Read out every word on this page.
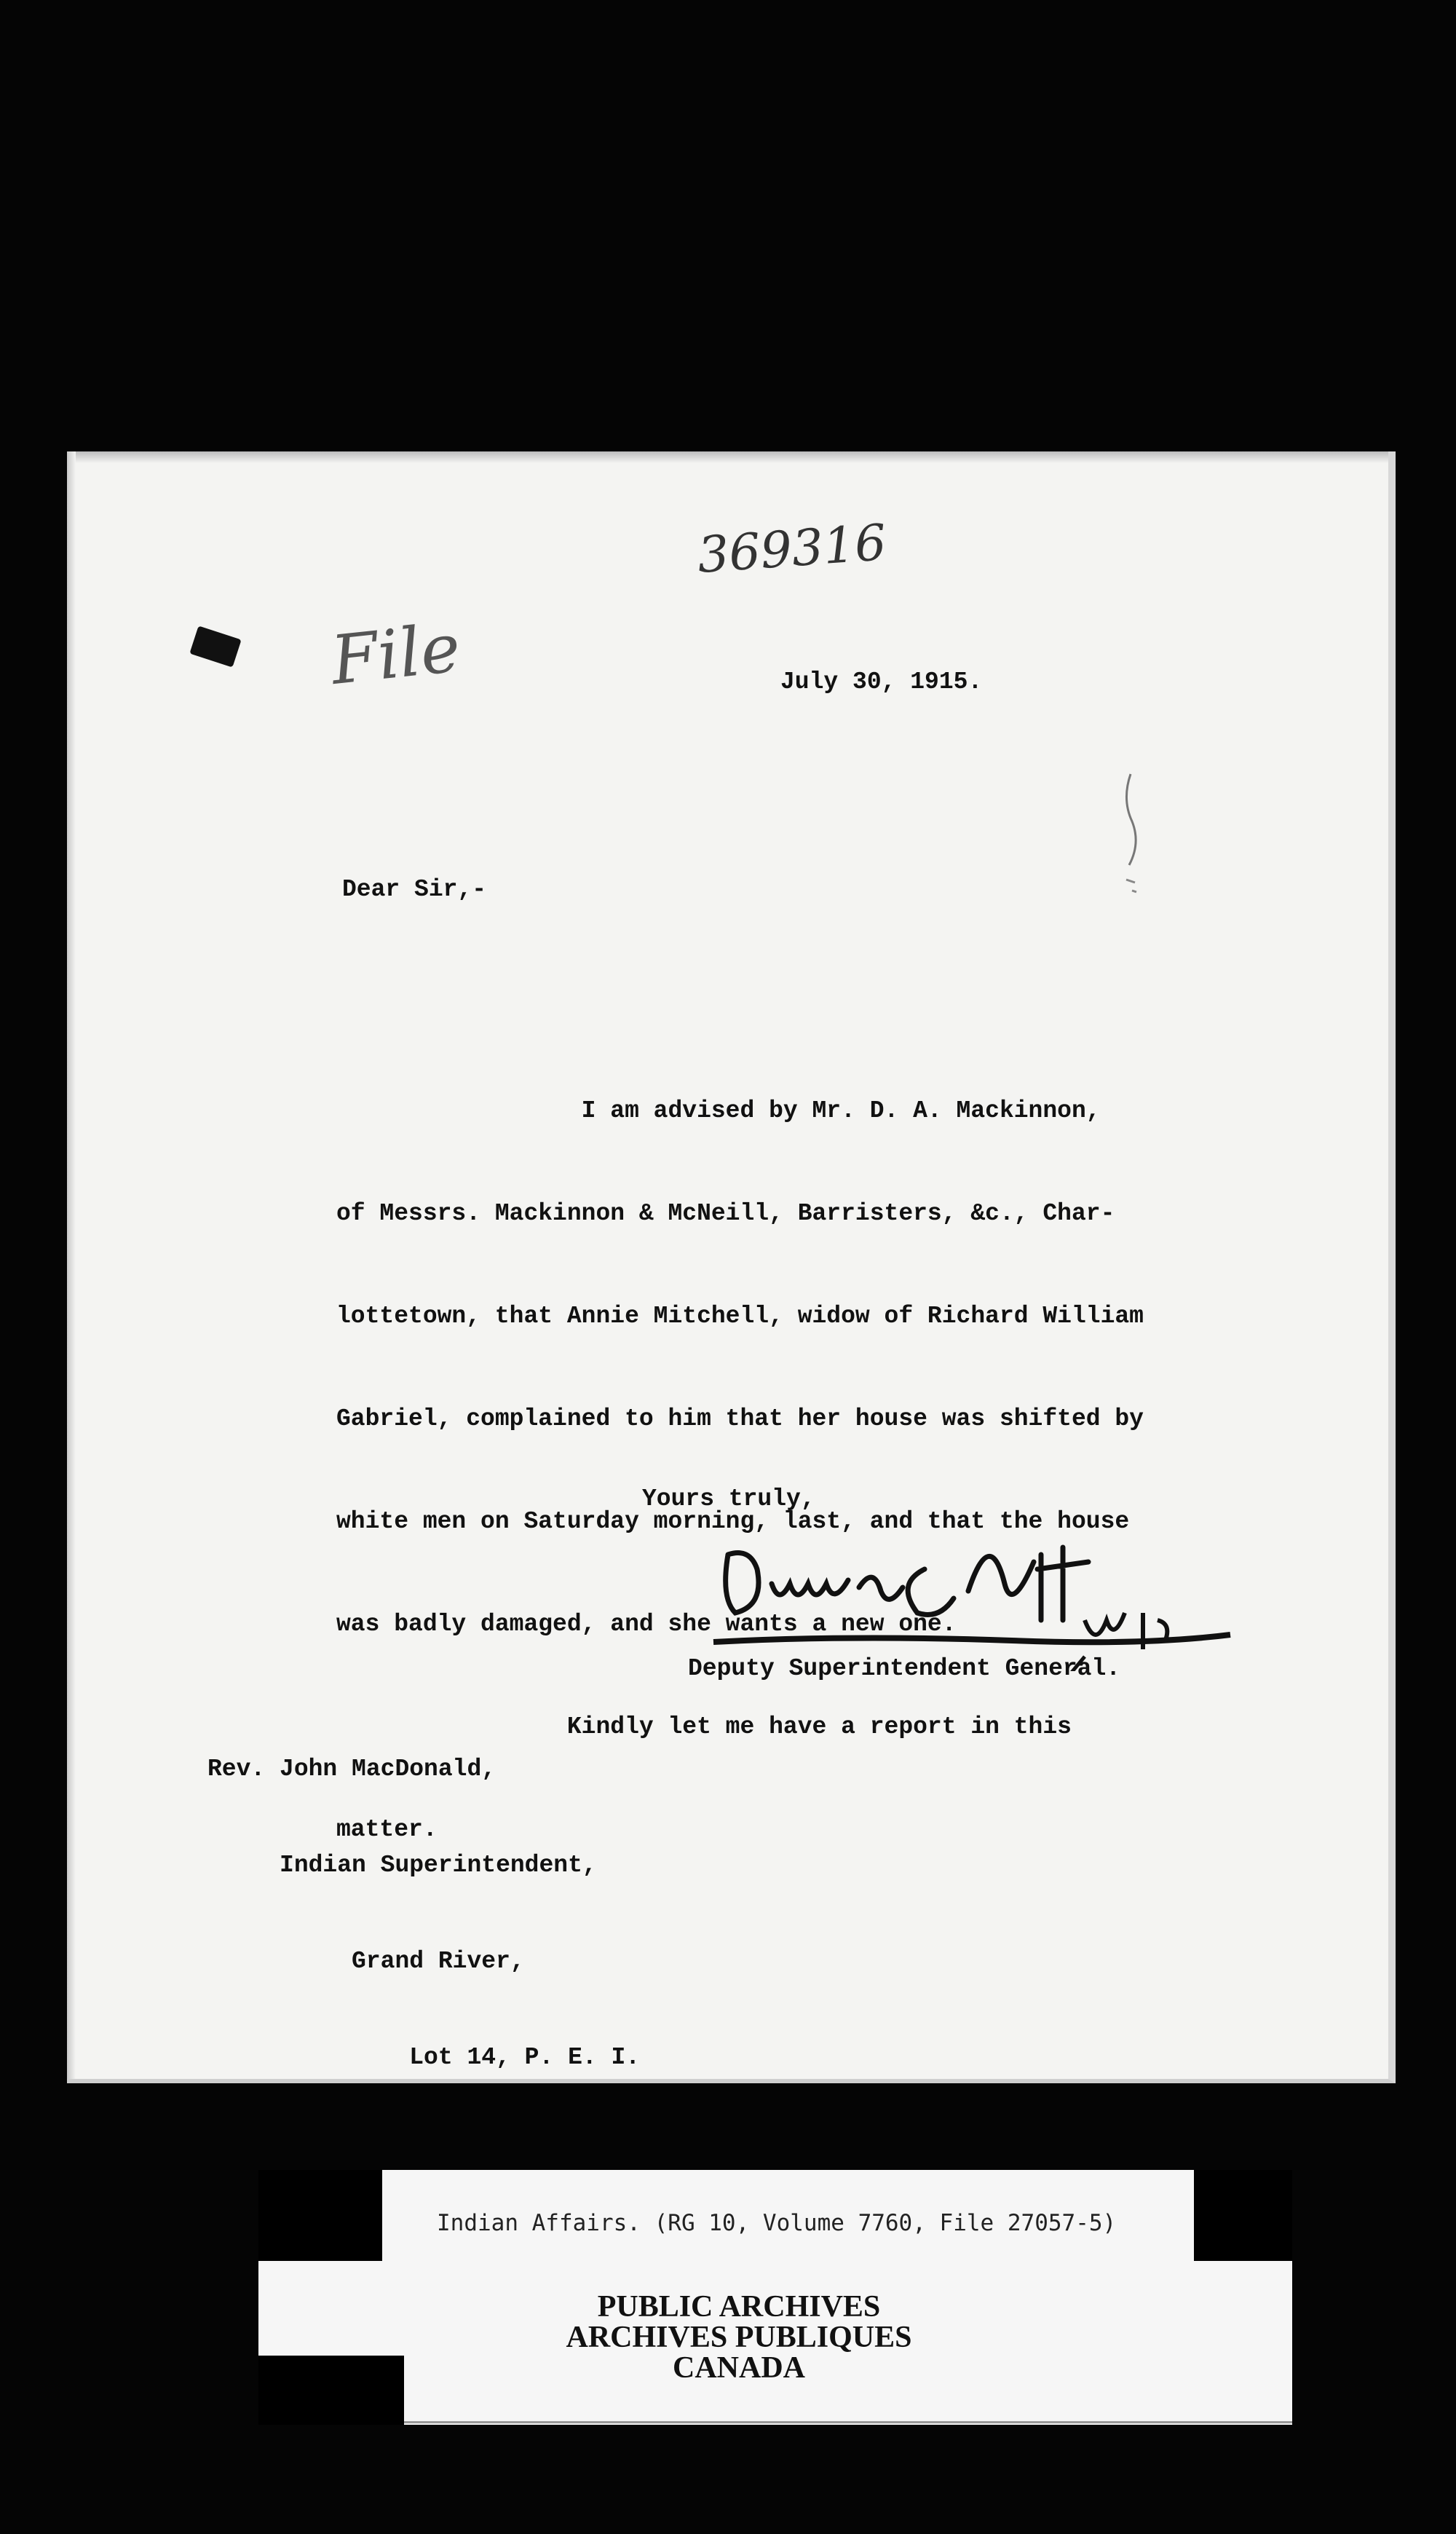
369316
File	July 30, 1915.
Dear Sir,-

I am advised by Mr. D. A. Mackinnon,

of Messrs. Mackinnon & McNeill, Barristers, &c., Char-

lottetown, that Annie Mitchell, widow of Richard William

Gabriel, complained to him that her house was shifted by

white men on Saturday morning, last, and that the house

was badly damaged, and she wants a new one.

Kindly let me have a report in this

matter.

Yours truly,
Deputy Superintendent General.

Rev. John MacDonald,

Indian Superintendent,

Grand River,

Lot 14, P. E. I.

Indian Affairs. (RG 10, Volume 7760, File 27057-5)
PUBLIC ARCHIVES
ARCHIVES PUBLIQUES
CANADA
